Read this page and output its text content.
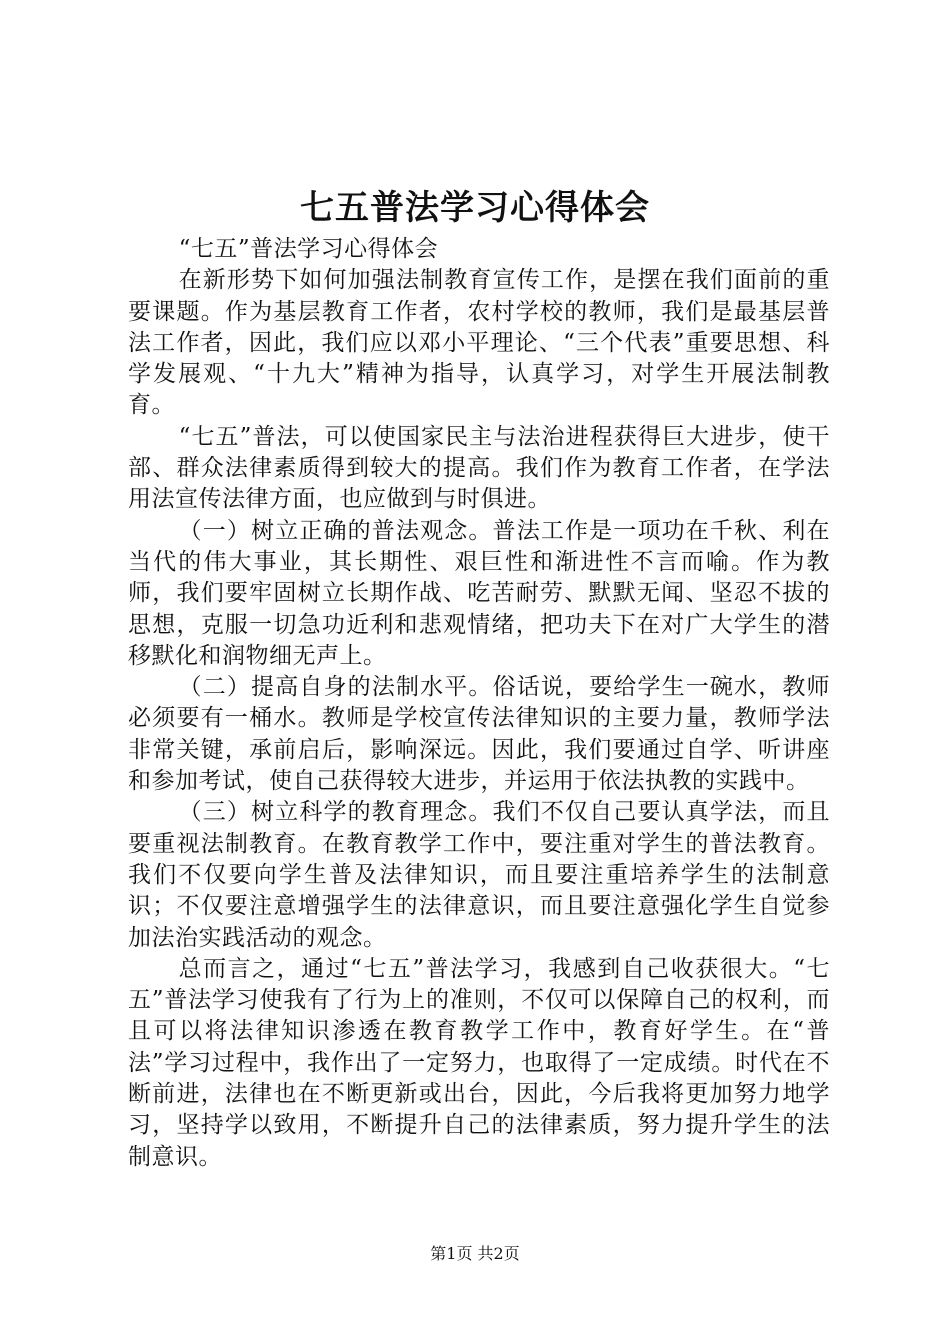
七五普法学习心得体会

“七五”普法学习心得体会

在新形势下如何加强法制教育宣传工作，是摆在我们面前的重要课题。作为基层教育工作者，农村学校的教师，我们是最基层普法工作者，因此，我们应以邓小平理论、“三个代表”重要思想、科学发展观、“十九大”精神为指导，认真学习，对学生开展法制教育。

“七五”普法，可以使国家民主与法治进程获得巨大进步，使干部、群众法律素质得到较大的提高。我们作为教育工作者，在学法用法宣传法律方面，也应做到与时俱进。

（一）树立正确的普法观念。普法工作是一项功在千秋、利在当代的伟大事业，其长期性、艰巨性和渐进性不言而喻。作为教师，我们要牢固树立长期作战、吃苦耐劳、默默无闻、坚忍不拔的思想，克服一切急功近利和悲观情绪，把功夫下在对广大学生的潜移默化和润物细无声上。

（二）提高自身的法制水平。俗话说，要给学生一碗水，教师必须要有一桶水。教师是学校宣传法律知识的主要力量，教师学法非常关键，承前启后，影响深远。因此，我们要通过自学、听讲座和参加考试，使自己获得较大进步，并运用于依法执教的实践中。

（三）树立科学的教育理念。我们不仅自己要认真学法，而且要重视法制教育。在教育教学工作中，要注重对学生的普法教育。我们不仅要向学生普及法律知识，而且要注重培养学生的法制意识；不仅要注意增强学生的法律意识，而且要注意强化学生自觉参加法治实践活动的观念。

总而言之，通过“七五”普法学习，我感到自己收获很大。“七五”普法学习使我有了行为上的准则，不仅可以保障自己的权利，而且可以将法律知识渗透在教育教学工作中，教育好学生。在“普法”学习过程中，我作出了一定努力，也取得了一定成绩。时代在不断前进，法律也在不断更新或出台，因此，今后我将更加努力地学习，坚持学以致用，不断提升自己的法律素质，努力提升学生的法制意识。

第1页 共2页
